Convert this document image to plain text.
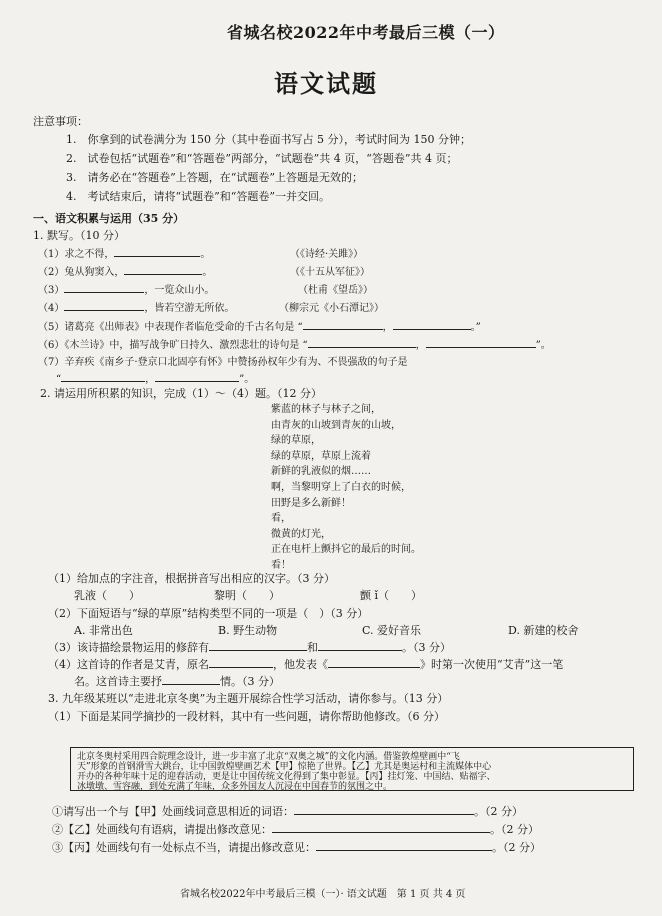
省城名校2022年中考最后三模（一）
语文试题
注意事项：
1.　你拿到的试卷满分为 150 分（其中卷面书写占 5 分），考试时间为 150 分钟；
2.　试卷包括“试题卷”和“答题卷”两部分，“试题卷”共 4 页，“答题卷”共 4 页；
3.　请务必在“答题卷”上答题，在“试题卷”上答题是无效的；
4.　考试结束后，请将“试题卷”和“答题卷”一并交回。
一、语文积累与运用（35 分）
1. 默写。（10 分）
（1）求之不得，	。	（《诗经·关雎》）
（2）兔从狗窦入，	。	（《十五从军征》）
（3）	，一览众山小。	（杜甫《望岳》）
（4）	，皆若空游无所依。	（柳宗元《小石潭记》）
（5）诸葛亮《出师表》中表现作者临危受命的千古名句是 “	，	。”
（6）《木兰诗》中，描写战争旷日持久、激烈悲壮的诗句是 “	，	”。
（7）辛弃疾《南乡子·登京口北固亭有怀》中赞扬孙权年少有为、不畏强敌的句子是
“	，	”。
2. 请运用所积累的知识，完成（1）～（4）题。（12 分）
紫蓝的林子与林子之间，
由青灰的山坡到青灰的山坡，
绿的草原，
绿的草原，草原上流着
新鲜的乳液似的烟……
啊，当黎明穿上了白衣的时候，
田野是多么新鲜！
看，
微黄的灯光，
正在电杆上颤抖它的最后的时间。
看！
（1）给加点的字注音，根据拼音写出相应的汉字。（3 分）
乳液（　　）	黎明（　　）	颤 ǐ（　　）
（2）下面短语与“绿的草原”结构类型不同的一项是（　）（3 分）
A. 非常出色	B. 野生动物	C. 爱好音乐	D. 新建的校舍
（3）该诗描绘景物运用的修辞有	和	。（3 分）
（4）这首诗的作者是艾青，原名	，他发表《	》时第一次使用“艾青”这一笔
名。这首诗主要抒	情。（3 分）
3. 九年级某班以“走进北京冬奥”为主题开展综合性学习活动，请你参与。（13 分）
（1）下面是某同学摘抄的一段材料，其中有一些问题，请你帮助他修改。（6 分）
北京冬奥村采用四合院理念设计，进一步丰富了北京“双奥之城”的文化内涵。借鉴敦煌壁画中“飞
天”形象的首钢滑雪大跳台，让中国敦煌壁画艺术【甲】惊艳了世界。【乙】尤其是奥运村和主流媒体中心
开办的各种年味十足的迎春活动，更是让中国传统文化得到了集中彰显。【丙】挂灯笼、中国结、贴福字、
冰墩墩、雪容融，到处充满了年味，众多外国友人沉浸在中国春节的氛围之中。
①请写出一个与【甲】处画线词意思相近的词语：	。（2 分）
②【乙】处画线句有语病，请提出修改意见：	。（2 分）
③【丙】处画线句有一处标点不当，请提出修改意见：	。（2 分）
省城名校2022年中考最后三模（一）· 语文试题　第 1 页 共 4 页
